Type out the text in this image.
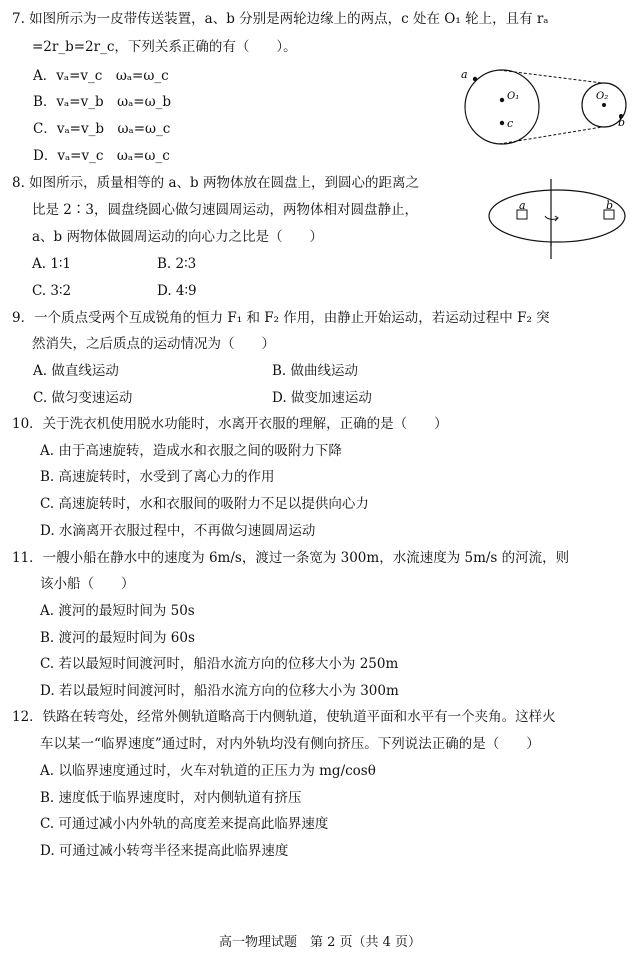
7. 如图所示为一皮带传送装置，a、b 分别是两轮边缘上的两点，c 处在 O₁ 轮上，且有 rₐ
=2r_b=2r_c，下列关系正确的有（　　）。
A．vₐ=v_c　ωₐ=ω_c
B．vₐ=v_b　ωₐ=ω_b
C．vₐ=v_b　ωₐ=ω_c
D．vₐ=v_c　ωₐ=ω_c
a
O₁
c
O₂
b
8. 如图所示，质量相等的 a、b 两物体放在圆盘上，到圆心的距离之
比是 2∶3，圆盘绕圆心做匀速圆周运动，两物体相对圆盘静止，
a、b 两物体做圆周运动的向心力之比是（　　）
A. 1∶1	B. 2∶3
C. 3∶2	D. 4∶9
a	b
9．一个质点受两个互成锐角的恒力 F₁ 和 F₂ 作用，由静止开始运动，若运动过程中 F₂ 突
然消失，之后质点的运动情况为（　　）
A. 做直线运动	B. 做曲线运动
C. 做匀变速运动	D. 做变加速运动
10．关于洗衣机使用脱水功能时，水离开衣服的理解，正确的是（　　）
A. 由于高速旋转，造成水和衣服之间的吸附力下降
B. 高速旋转时，水受到了离心力的作用
C. 高速旋转时，水和衣服间的吸附力不足以提供向心力
D. 水滴离开衣服过程中，不再做匀速圆周运动
11．一艘小船在静水中的速度为 6m/s，渡过一条宽为 300m，水流速度为 5m/s 的河流，则
该小船（　　）
A. 渡河的最短时间为 50s
B. 渡河的最短时间为 60s
C. 若以最短时间渡河时，船沿水流方向的位移大小为 250m
D. 若以最短时间渡河时，船沿水流方向的位移大小为 300m
12．铁路在转弯处，经常外侧轨道略高于内侧轨道，使轨道平面和水平有一个夹角。这样火
车以某一“临界速度”通过时，对内外轨均没有侧向挤压。下列说法正确的是（　　）
A. 以临界速度通过时，火车对轨道的正压力为 mg/cosθ
B. 速度低于临界速度时，对内侧轨道有挤压
C. 可通过减小内外轨的高度差来提高此临界速度
D. 可通过减小转弯半径来提高此临界速度
高一物理试题　第 2 页（共 4 页）
